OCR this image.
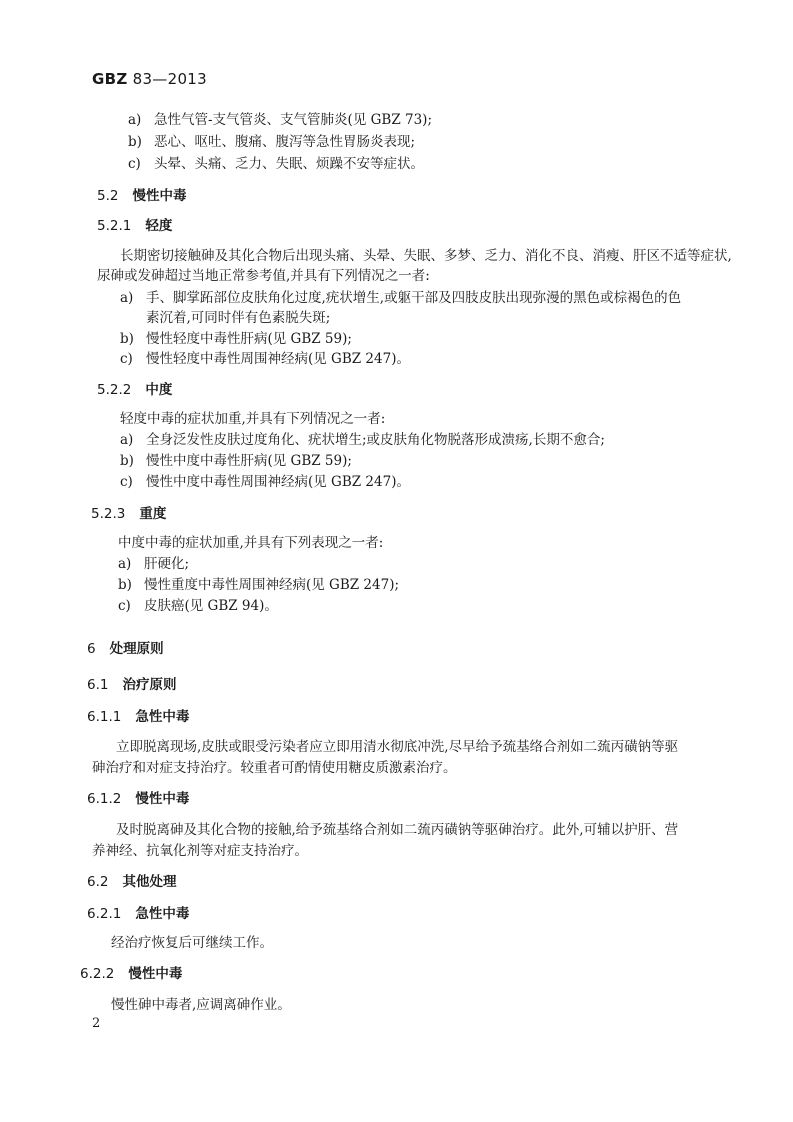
GBZ 83—2013
a) 急性气管-支气管炎、支气管肺炎(见 GBZ 73);
b) 恶心、呕吐、腹痛、腹泻等急性胃肠炎表现;
c) 头晕、头痛、乏力、失眠、烦躁不安等症状。
5.2 慢性中毒
5.2.1 轻度
长期密切接触砷及其化合物后出现头痛、头晕、失眠、多梦、乏力、消化不良、消瘦、肝区不适等症状,
尿砷或发砷超过当地正常参考值,并具有下列情况之一者:
a) 手、脚掌跖部位皮肤角化过度,疣状增生,或躯干部及四肢皮肤出现弥漫的黑色或棕褐色的色
素沉着,可同时伴有色素脱失斑;
b) 慢性轻度中毒性肝病(见 GBZ 59);
c) 慢性轻度中毒性周围神经病(见 GBZ 247)。
5.2.2 中度
轻度中毒的症状加重,并具有下列情况之一者:
a) 全身泛发性皮肤过度角化、疣状增生;或皮肤角化物脱落形成溃疡,长期不愈合;
b) 慢性中度中毒性肝病(见 GBZ 59);
c) 慢性中度中毒性周围神经病(见 GBZ 247)。
5.2.3 重度
中度中毒的症状加重,并具有下列表现之一者:
a) 肝硬化;
b) 慢性重度中毒性周围神经病(见 GBZ 247);
c) 皮肤癌(见 GBZ 94)。
6 处理原则
6.1 治疗原则
6.1.1 急性中毒
立即脱离现场,皮肤或眼受污染者应立即用清水彻底冲洗,尽早给予巯基络合剂如二巯丙磺钠等驱
砷治疗和对症支持治疗。较重者可酌情使用糖皮质激素治疗。
6.1.2 慢性中毒
及时脱离砷及其化合物的接触,给予巯基络合剂如二巯丙磺钠等驱砷治疗。此外,可辅以护肝、营
养神经、抗氧化剂等对症支持治疗。
6.2 其他处理
6.2.1 急性中毒
经治疗恢复后可继续工作。
6.2.2 慢性中毒
慢性砷中毒者,应调离砷作业。
2
